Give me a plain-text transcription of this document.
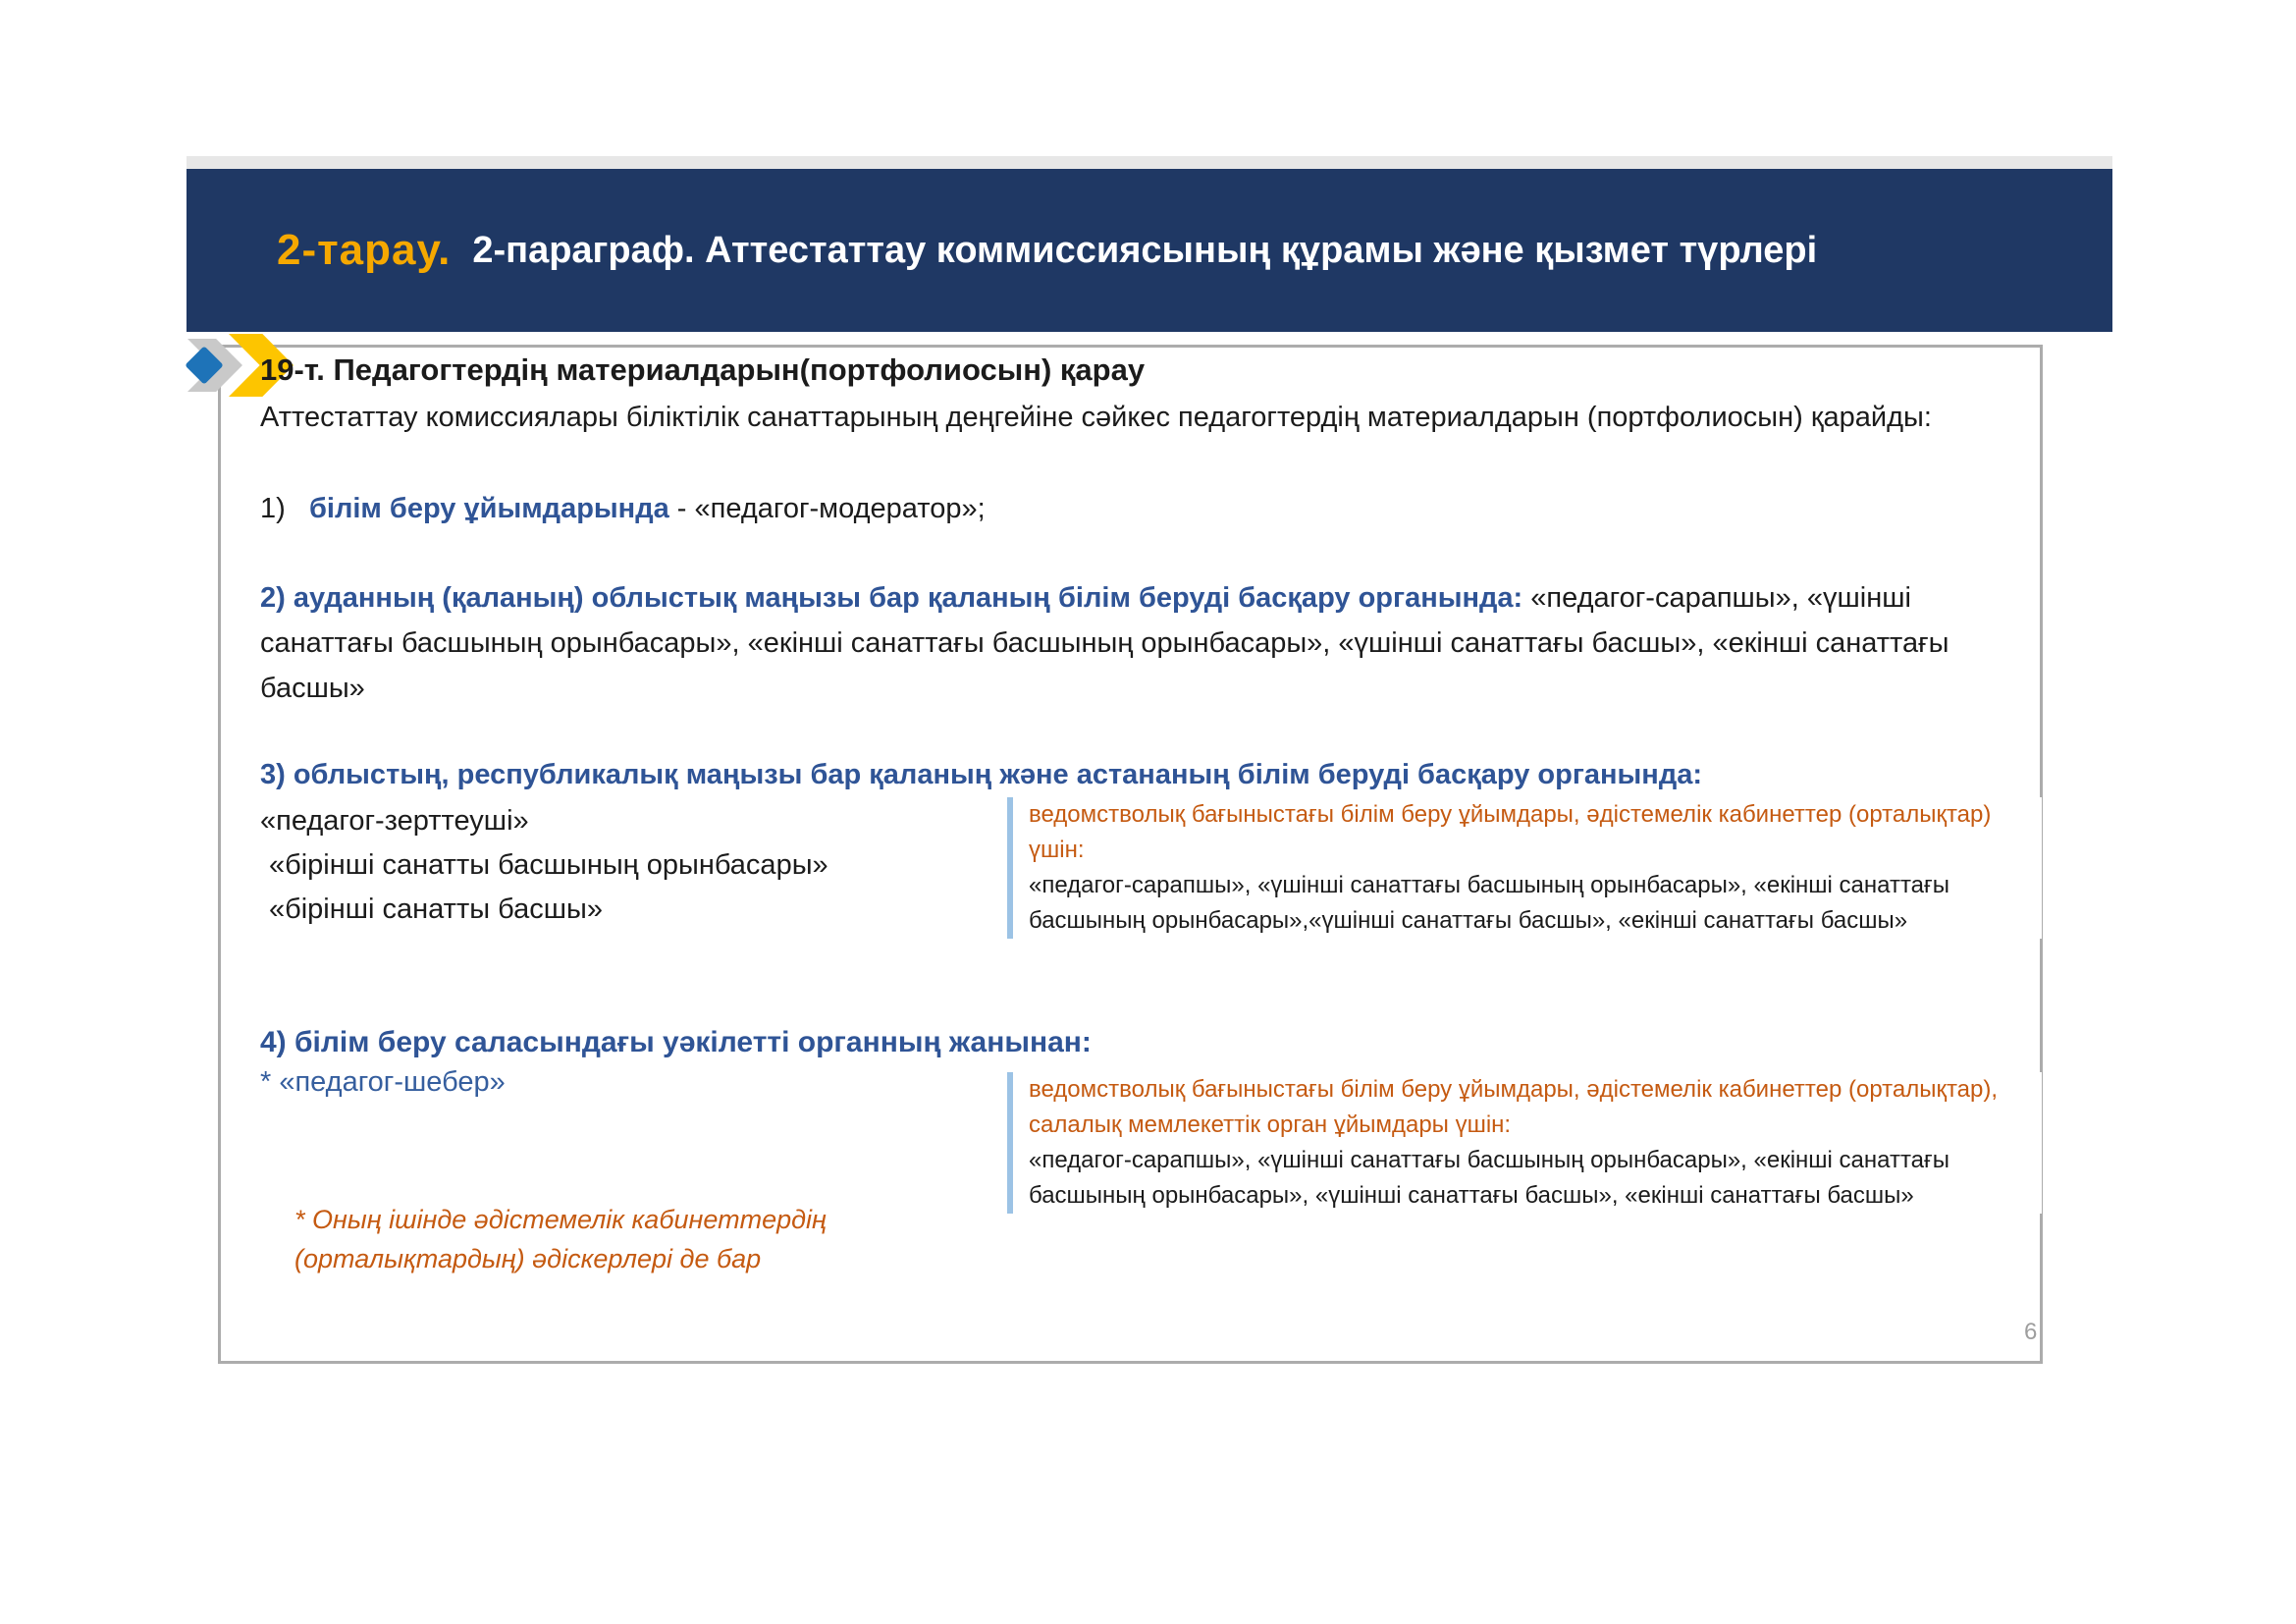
2-тарау. 2-параграф. Аттестаттау коммиссиясының құрамы және қызмет түрлері
19-т. Педагогтердің материалдарын(портфолиосын) қарау
Аттестаттау комиссиялары біліктілік санаттарының деңгейіне сәйкес педагогтердің материалдарын (портфолиосын) қарайды:
1) білім беру ұйымдарында - «педагог-модератор»;
2) ауданның (қаланың) облыстық маңызы бар қаланың білім беруді басқару органында: «педагог-сарапшы», «үшінші санаттағы басшының орынбасары», «екінші санаттағы басшының орынбасары», «үшінші санаттағы басшы», «екінші санаттағы басшы»
3) облыстың, республикалық маңызы бар қаланың және астананың білім беруді басқару органында:
«педагог-зерттеуші»
«бірінші санатты басшының орынбасары»
«бірінші санатты басшы»
ведомстволық бағыныстағы білім беру ұйымдары, әдістемелік кабинеттер (орталықтар) үшін:
«педагог-сарапшы», «үшінші санаттағы басшының орынбасары», «екінші санаттағы басшының орынбасары»,«үшінші санаттағы басшы», «екінші санаттағы басшы»
4) білім беру саласындағы уәкілетті органның жанынан:
* «педагог-шебер»	ведомстволық бағыныстағы білім беру ұйымдары, әдістемелік кабинеттер (орталықтар), салалық мемлекеттік орган ұйымдары үшін:
«педагог-сарапшы», «үшінші санаттағы басшының орынбасары», «екінші санаттағы басшының орынбасары», «үшінші санаттағы басшы», «екінші санаттағы басшы»
* Оның ішінде әдістемелік кабинеттердің (орталықтардың) әдіскерлері де бар
6
